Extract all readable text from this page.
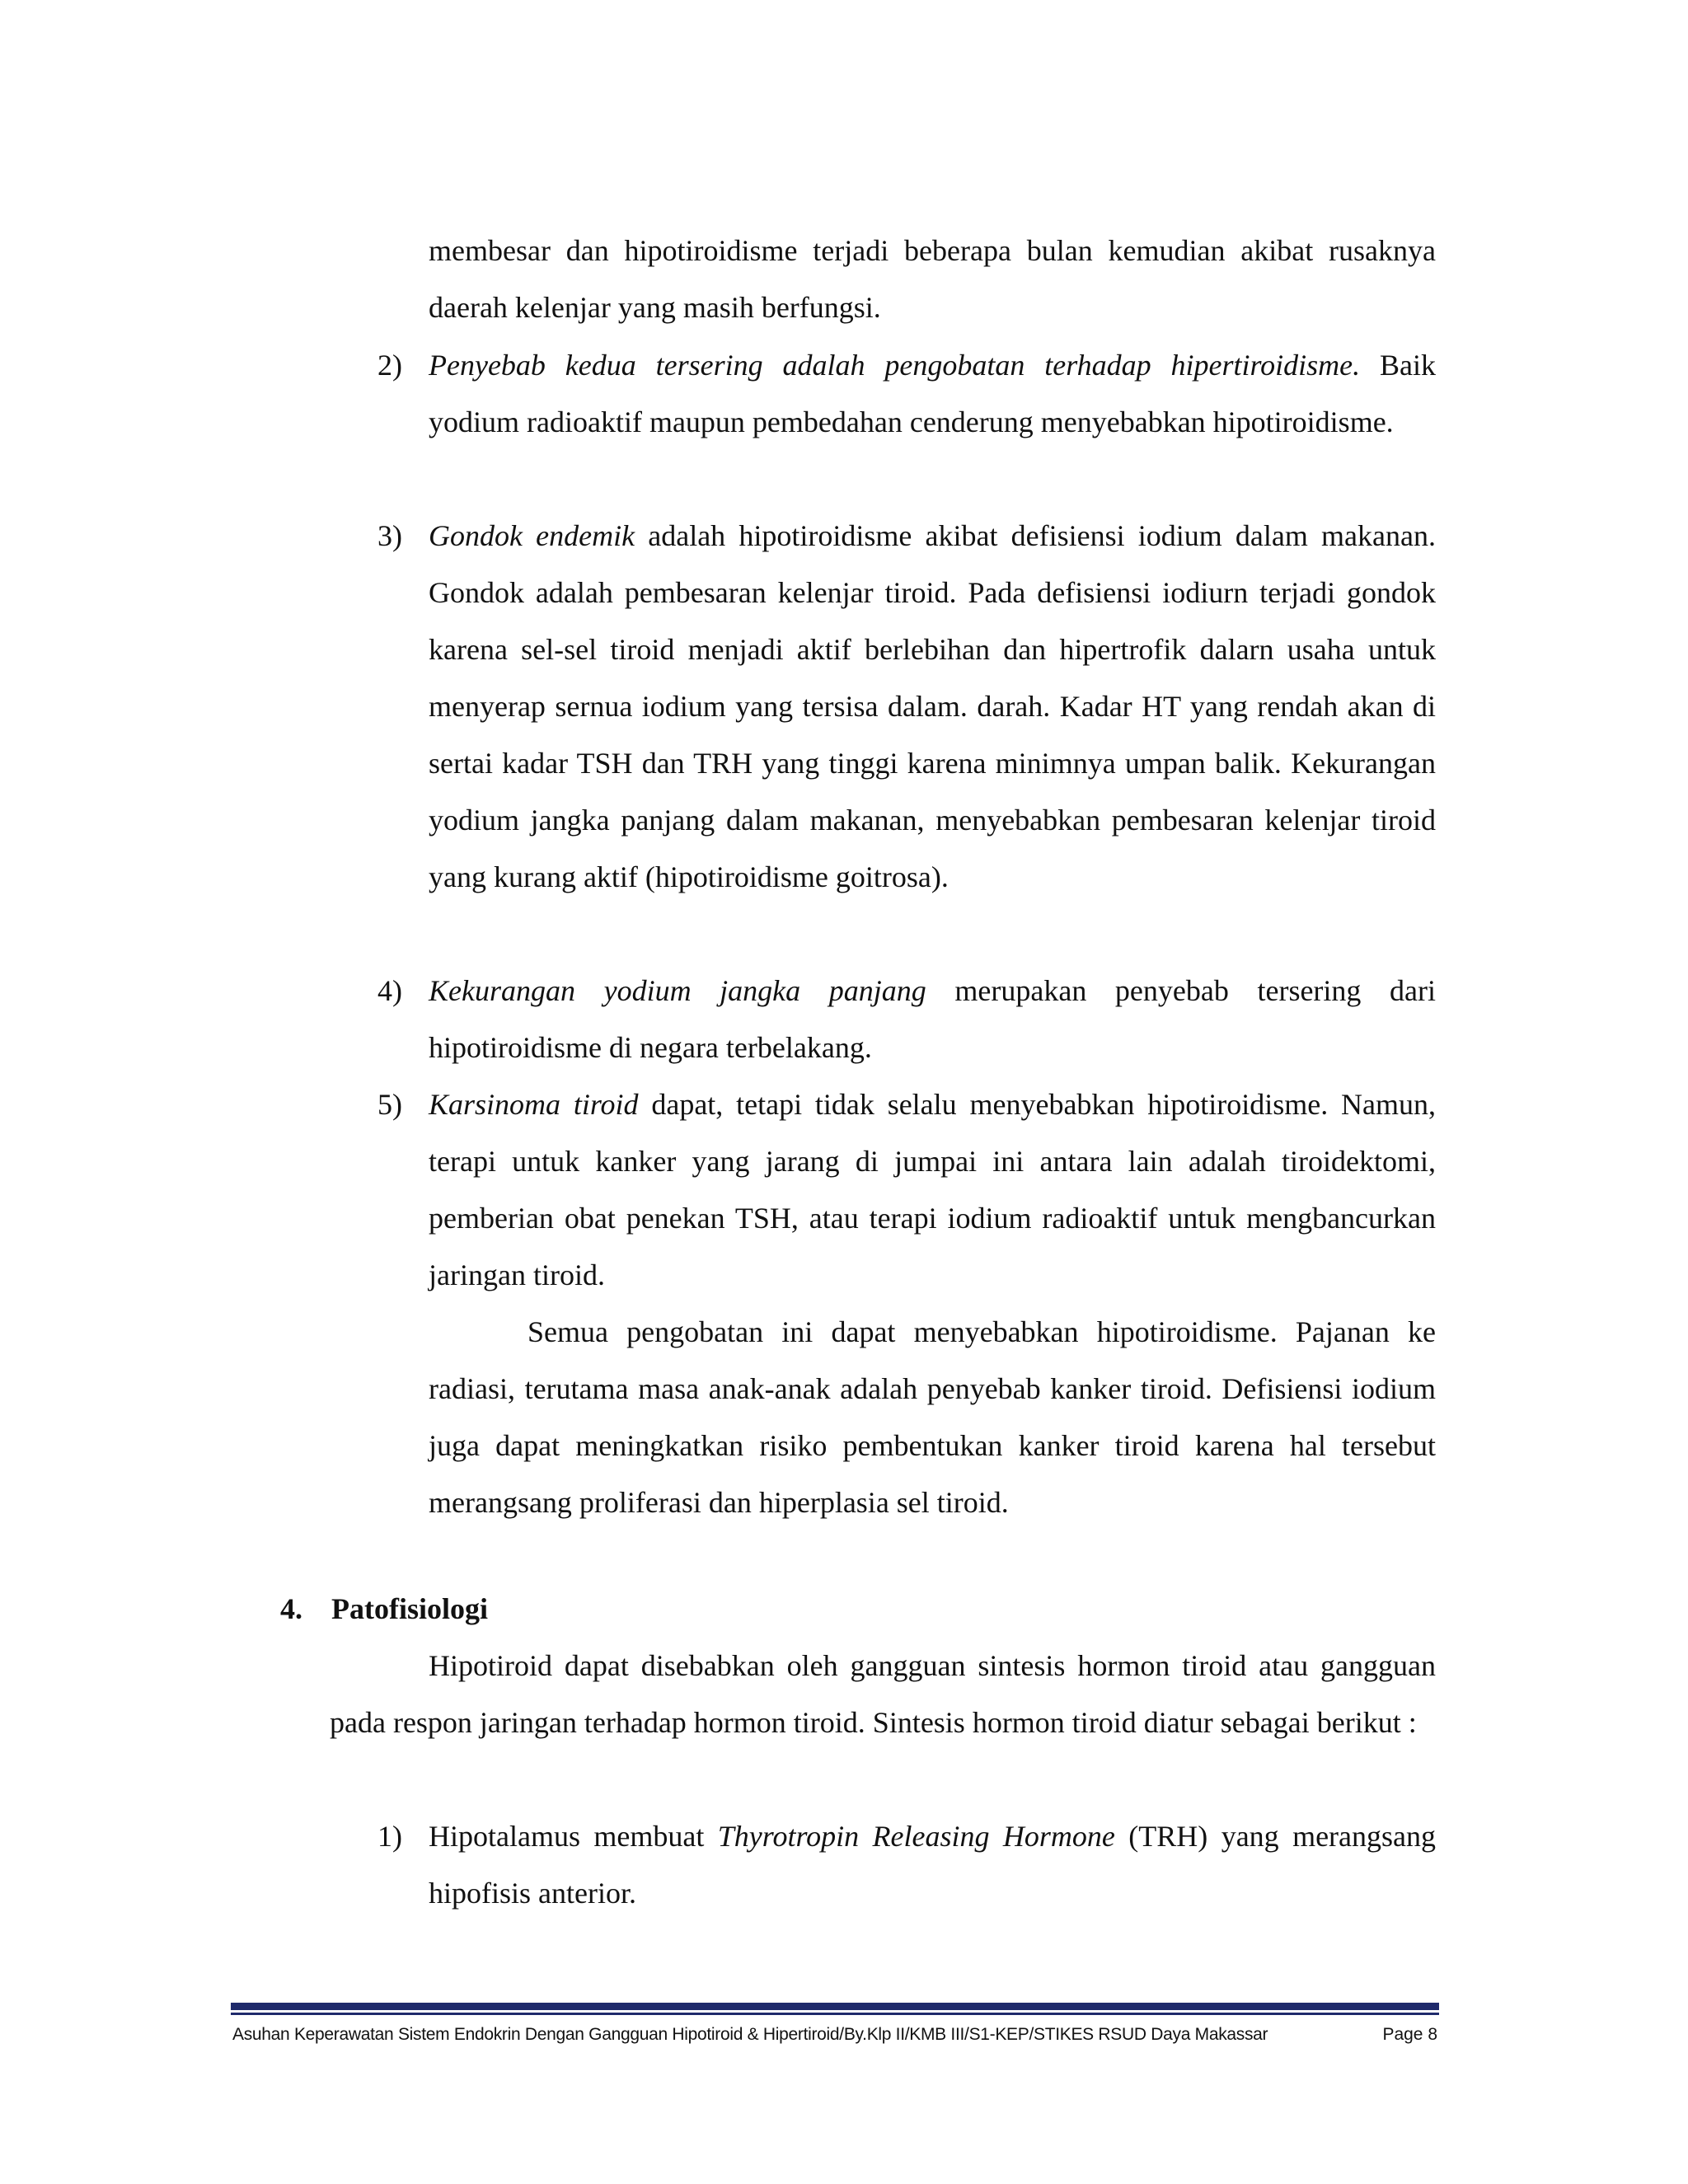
membesar dan hipotiroidisme terjadi beberapa bulan kemudian akibat rusaknya daerah kelenjar yang masih berfungsi.
2) Penyebab kedua tersering adalah pengobatan terhadap hipertiroidisme. Baik yodium radioaktif maupun pembedahan cenderung menyebabkan hipotiroidisme.
3) Gondok endemik adalah hipotiroidisme akibat defisiensi iodium dalam makanan. Gondok adalah pembesaran kelenjar tiroid. Pada defisiensi iodiurn terjadi gondok karena sel-sel tiroid menjadi aktif berlebihan dan hipertrofik dalarn usaha untuk menyerap sernua iodium yang tersisa dalam. darah. Kadar HT yang rendah akan di sertai kadar TSH dan TRH yang tinggi karena minimnya umpan balik. Kekurangan yodium jangka panjang dalam makanan, menyebabkan pembesaran kelenjar tiroid yang kurang aktif (hipotiroidisme goitrosa).
4) Kekurangan yodium jangka panjang merupakan penyebab tersering dari hipotiroidisme di negara terbelakang.
5) Karsinoma tiroid dapat, tetapi tidak selalu menyebabkan hipotiroidisme. Namun, terapi untuk kanker yang jarang di jumpai ini antara lain adalah tiroidektomi, pemberian obat penekan TSH, atau terapi iodium radioaktif untuk mengbancurkan jaringan tiroid.
Semua pengobatan ini dapat menyebabkan hipotiroidisme. Pajanan ke radiasi, terutama masa anak-anak adalah penyebab kanker tiroid. Defisiensi iodium juga dapat meningkatkan risiko pembentukan kanker tiroid karena hal tersebut merangsang proliferasi dan hiperplasia sel tiroid.
4. Patofisiologi
Hipotiroid dapat disebabkan oleh gangguan sintesis hormon tiroid atau gangguan pada respon jaringan terhadap hormon tiroid. Sintesis hormon tiroid diatur sebagai berikut :
1) Hipotalamus membuat Thyrotropin Releasing Hormone (TRH) yang merangsang hipofisis anterior.
Asuhan Keperawatan Sistem Endokrin Dengan Gangguan Hipotiroid & Hipertiroid/By.Klp II/KMB III/S1-KEP/STIKES RSUD Daya Makassar	Page 8
